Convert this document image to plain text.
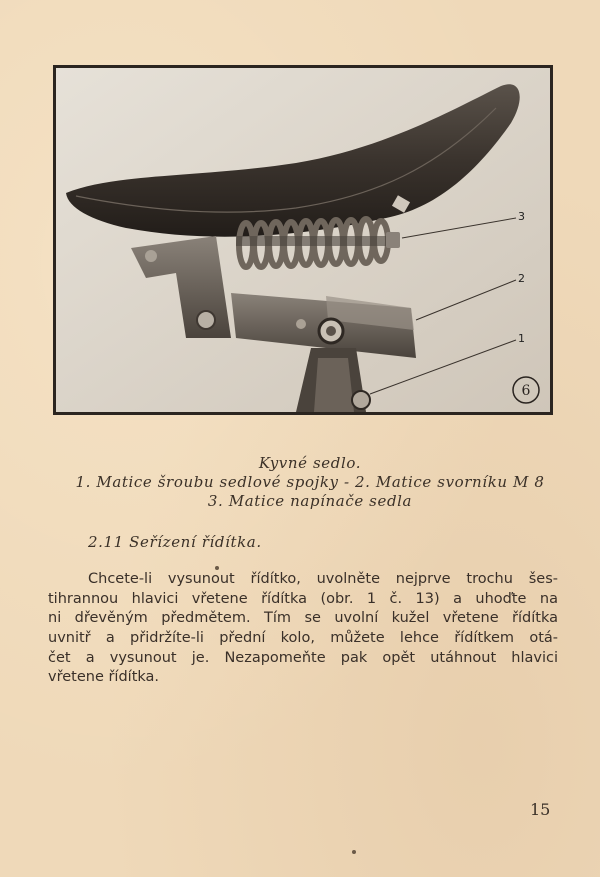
3
2
1
6
Kyvné sedlo.
1. Matice šroubu sedlové spojky - 2. Matice svorníku M 8
3. Matice napínače sedla
2.11 Seřízení řídítka.
Chcete-li vysunout řídítko, uvolněte nejprve trochu šes-
tihrannou hlavici vřetene řídítka (obr. 1 č. 13) a uhoďte na
ni dřevěným předmětem. Tím se uvolní kužel vřetene řídítka
uvnitř a přidržíte-li přední kolo, můžete lehce řídítkem otá-
čet a vysunout je. Nezapomeňte pak opět utáhnout hlavici
vřetene řídítka.
15
